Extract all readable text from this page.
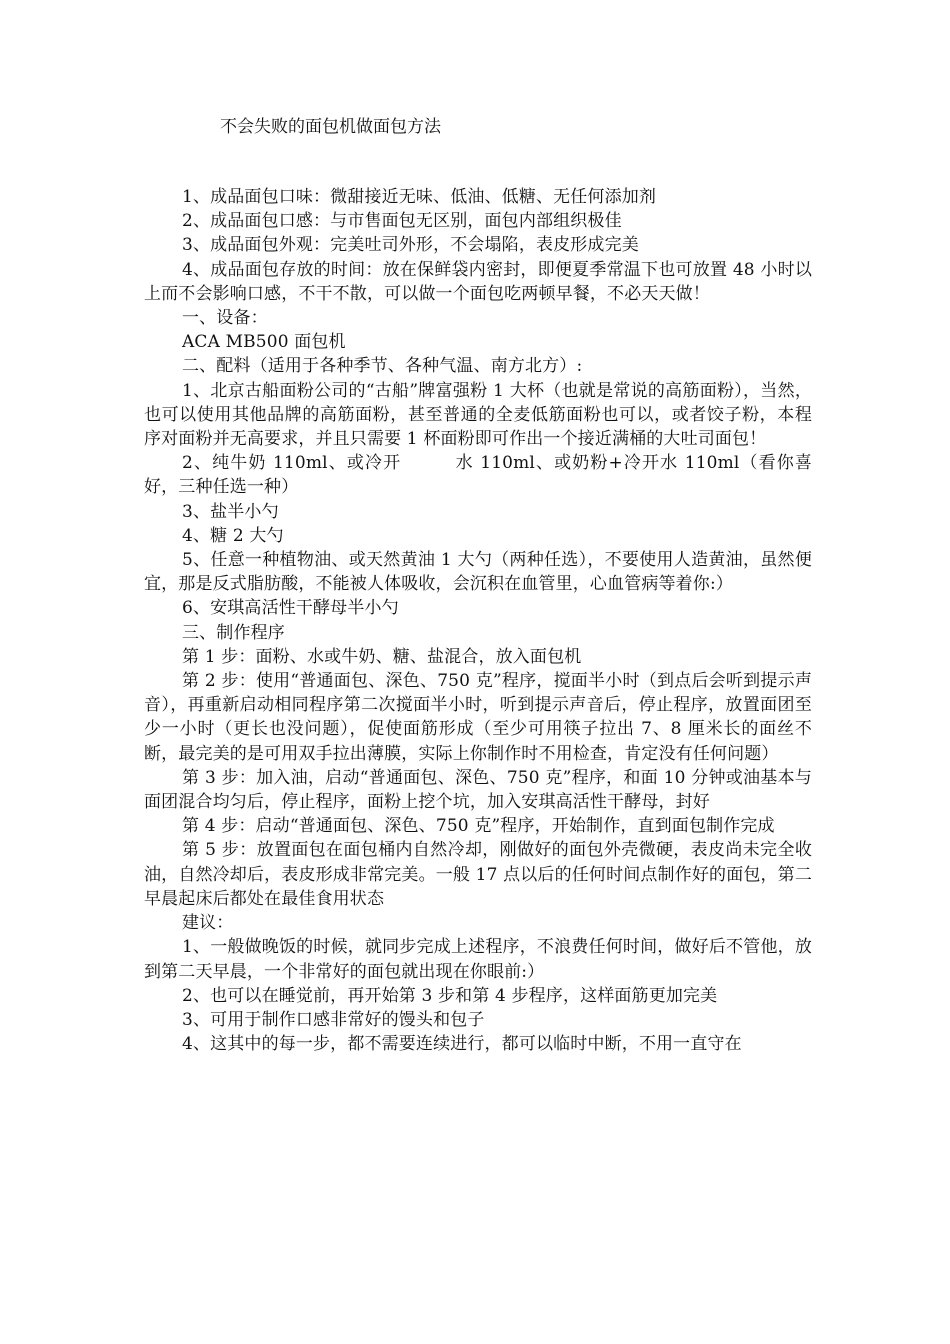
不会失败的面包机做面包方法

1、成品面包口味：微甜接近无味、低油、低糖、无任何添加剂

2、成品面包口感：与市售面包无区别，面包内部组织极佳

3、成品面包外观：完美吐司外形，不会塌陷，表皮形成完美

4、成品面包存放的时间：放在保鲜袋内密封，即便夏季常温下也可放置 48 小时以上而不会影响口感，不干不散，可以做一个面包吃两顿早餐，不必天天做！

一、设备：

ACA MB500 面包机

二、配料（适用于各种季节、各种气温、南方北方）:

1、北京古船面粉公司的“古船”牌富强粉 1 大杯（也就是常说的高筋面粉），当然，也可以使用其他品牌的高筋面粉，甚至普通的全麦低筋面粉也可以，或者饺子粉，本程序对面粉并无高要求，并且只需要 1 杯面粉即可作出一个接近满桶的大吐司面包！

2、纯牛奶 110ml、或冷开　　　水 110ml、或奶粉+冷开水 110ml（看你喜好，三种任选一种）

3、盐半小勺

4、糖 2 大勺

5、任意一种植物油、或天然黄油 1 大勺（两种任选），不要使用人造黄油，虽然便宜，那是反式脂肪酸，不能被人体吸收，会沉积在血管里，心血管病等着你:）

6、安琪高活性干酵母半小勺

三、制作程序

第 1 步：面粉、水或牛奶、糖、盐混合，放入面包机

第 2 步：使用“普通面包、深色、750 克”程序，搅面半小时（到点后会听到提示声音），再重新启动相同程序第二次搅面半小时，听到提示声音后，停止程序，放置面团至少一小时（更长也没问题），促使面筋形成（至少可用筷子拉出 7、8 厘米长的面丝不断，最完美的是可用双手拉出薄膜，实际上你制作时不用检查，肯定没有任何问题）

第 3 步：加入油，启动“普通面包、深色、750 克”程序，和面 10 分钟或油基本与面团混合均匀后，停止程序，面粉上挖个坑，加入安琪高活性干酵母，封好

第 4 步：启动“普通面包、深色、750 克”程序，开始制作，直到面包制作完成

第 5 步：放置面包在面包桶内自然冷却，刚做好的面包外壳微硬，表皮尚未完全收油，自然冷却后，表皮形成非常完美。一般 17 点以后的任何时间点制作好的面包，第二早晨起床后都处在最佳食用状态

建议：

1、一般做晚饭的时候，就同步完成上述程序，不浪费任何时间，做好后不管他，放到第二天早晨，一个非常好的面包就出现在你眼前:）

2、也可以在睡觉前，再开始第 3 步和第 4 步程序，这样面筋更加完美

3、可用于制作口感非常好的馒头和包子

4、这其中的每一步，都不需要连续进行，都可以临时中断，不用一直守在
